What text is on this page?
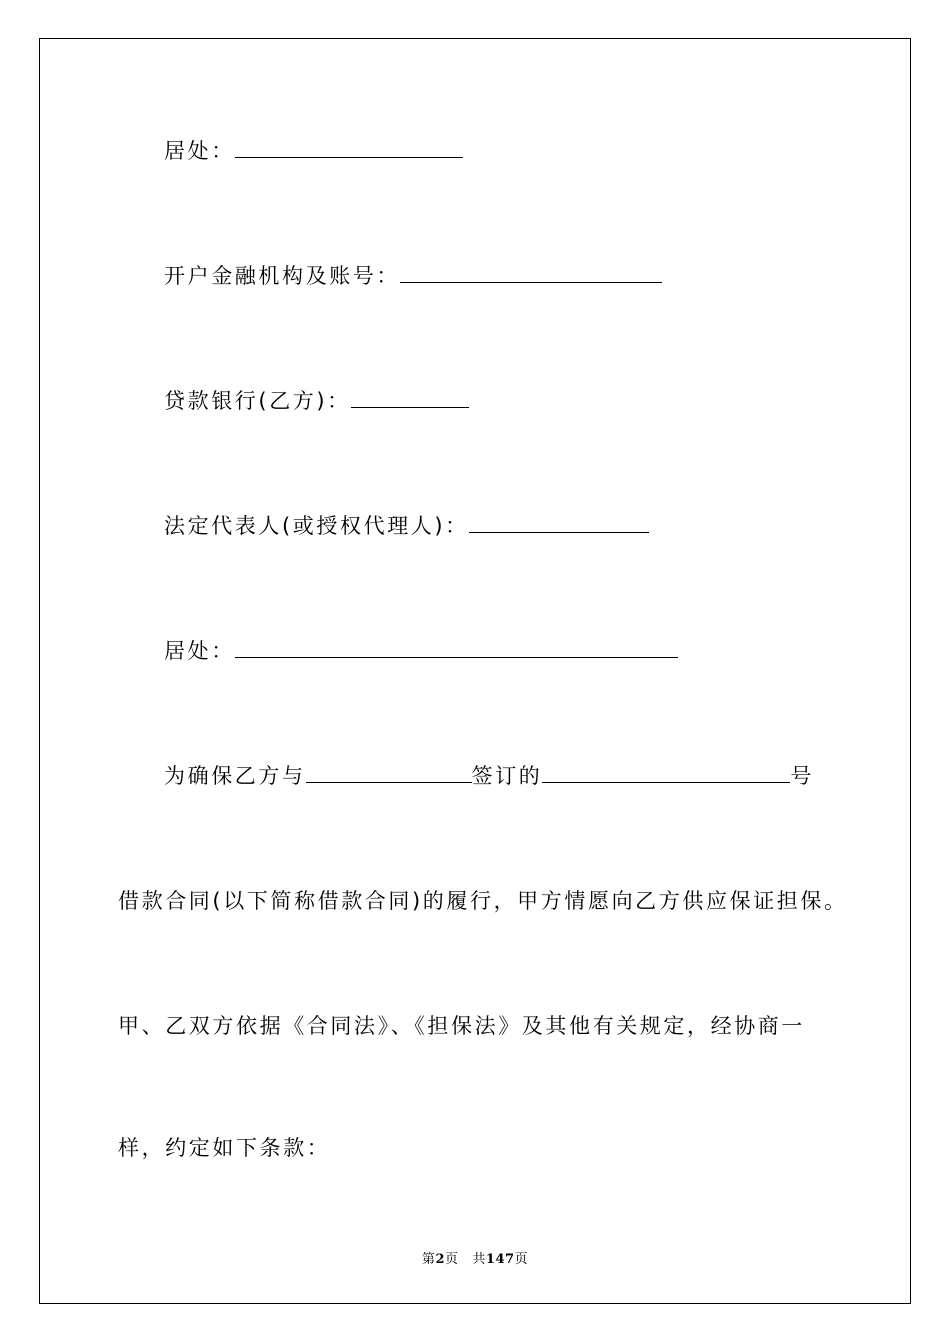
居处：
开户金融机构及账号：
贷款银行(乙方)：
法定代表人(或授权代理人)：
居处：
为确保乙方与	签订的	号
借款合同(以下简称借款合同)的履行，甲方情愿向乙方供应保证担保。
甲、乙双方依据《合同法》、《担保法》及其他有关规定，经协商一
样，约定如下条款：
第2页 共147页
